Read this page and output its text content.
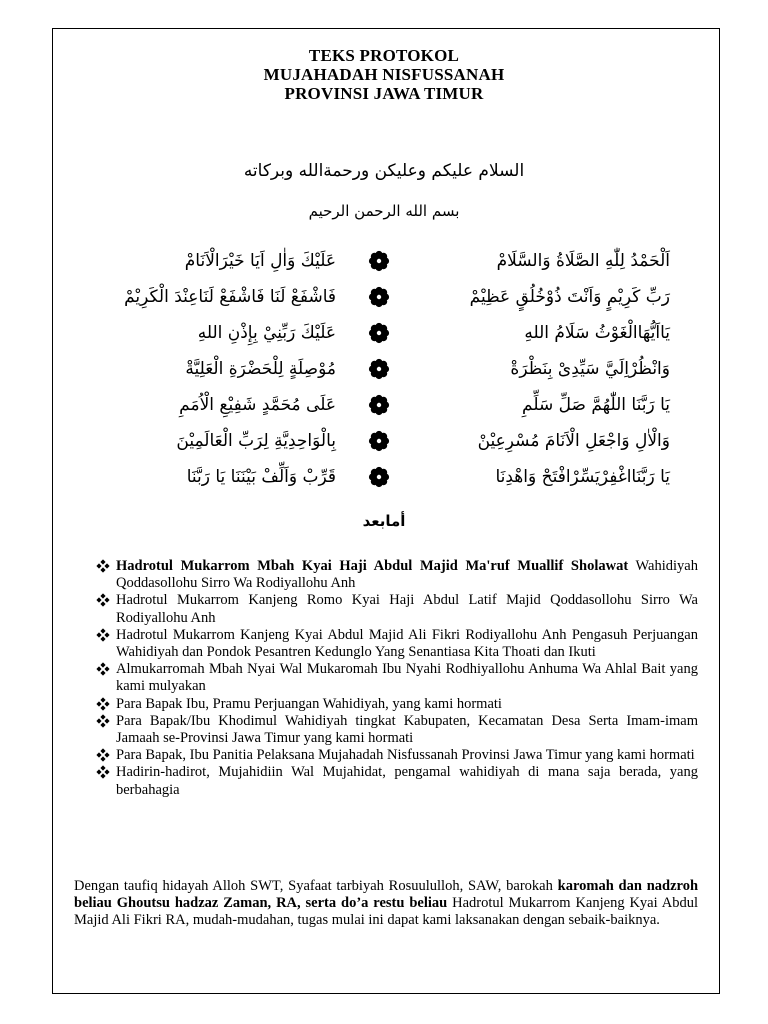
TEKS PROTOKOL
MUJAHADAH NISFUSSANAH
PROVINSI JAWA TIMUR
السلام عليكم وعليكن ورحمةالله وبركاته
بسم الله الرحمن الرحيم
عَلَيْكَ وَاٰلِ اَيَا خَيْرَالْاَنَامْ	اَلْحَمْدُ لِلّٰهِ الصَّلَاةُ وَالسَّلَامْ
فَاشْفَعْ لَنَا فَاشْفَعْ لَنَاعِنْدَ الْكَرِيْمْ	رَبِّ كَرِيْمٍ وَاَنْتَ ذُوْخُلُقٍ عَظِيْمْ
عَلَيْكَ رَبِّنِيْ بِإِذْنِ اللهِ	يَااَيُّهَاالْغَوْثُ سَلَامُ اللهِ
مُوْصِلَةٍ لِلْحَضْرَةِ الْعَلِيَّةْ	وَانْظُرْاِلَيَّ سَيِّدِىْ بِنَظْرَةْ
عَلَى مُحَمَّدٍ شَفِيْعِ الْاُمَمِ	يَا رَبَّنَا اللّٰهُمَّ صَلِّ سَلِّمِ
بِالْوَاحِدِيَّةِ لِرَبِّ الْعَالَمِيْنَ	وَالْاٰلِ وَاجْعَلِ الْاَنَامَ مُسْرِعِيْنْ
قَرِّبْ وَاَلِّفْ بَيْنَنَا يَا رَبَّنَا	يَا رَبَّنَااغْفِرْيَسِّرْافْتَحْ وَاهْدِنَا
أمابعد
Hadrotul Mukarrom Mbah Kyai Haji Abdul Majid Ma'ruf Muallif Sholawat Wahidiyah Qoddasollohu Sirro Wa Rodiyallohu Anh
Hadrotul Mukarrom Kanjeng Romo Kyai Haji Abdul Latif Majid Qoddasollohu Sirro Wa Rodiyallohu Anh
Hadrotul Mukarrom Kanjeng Kyai Abdul Majid Ali Fikri Rodiyallohu Anh Pengasuh Perjuangan Wahidiyah dan Pondok Pesantren Kedunglo Yang Senantiasa Kita Thoati dan Ikuti
Almukarromah Mbah Nyai Wal Mukaromah Ibu Nyahi Rodhiyallohu Anhuma Wa Ahlal Bait yang kami mulyakan
Para Bapak Ibu, Pramu Perjuangan Wahidiyah, yang kami hormati
Para Bapak/Ibu Khodimul Wahidiyah tingkat Kabupaten, Kecamatan Desa Serta Imam-imam Jamaah se-Provinsi Jawa Timur yang kami hormati
Para Bapak, Ibu Panitia Pelaksana Mujahadah Nisfussanah Provinsi Jawa Timur yang kami hormati
Hadirin-hadirot, Mujahidiin Wal Mujahidat, pengamal wahidiyah di mana saja berada, yang berbahagia
Dengan taufiq hidayah Alloh SWT, Syafaat tarbiyah Rosuululloh, SAW, barokah karomah dan nadzroh beliau Ghoutsu hadzaz Zaman, RA, serta do’a restu beliau Hadrotul Mukarrom Kanjeng Kyai Abdul Majid Ali Fikri RA, mudah-mudahan, tugas mulai ini dapat kami laksanakan dengan sebaik-baiknya.
